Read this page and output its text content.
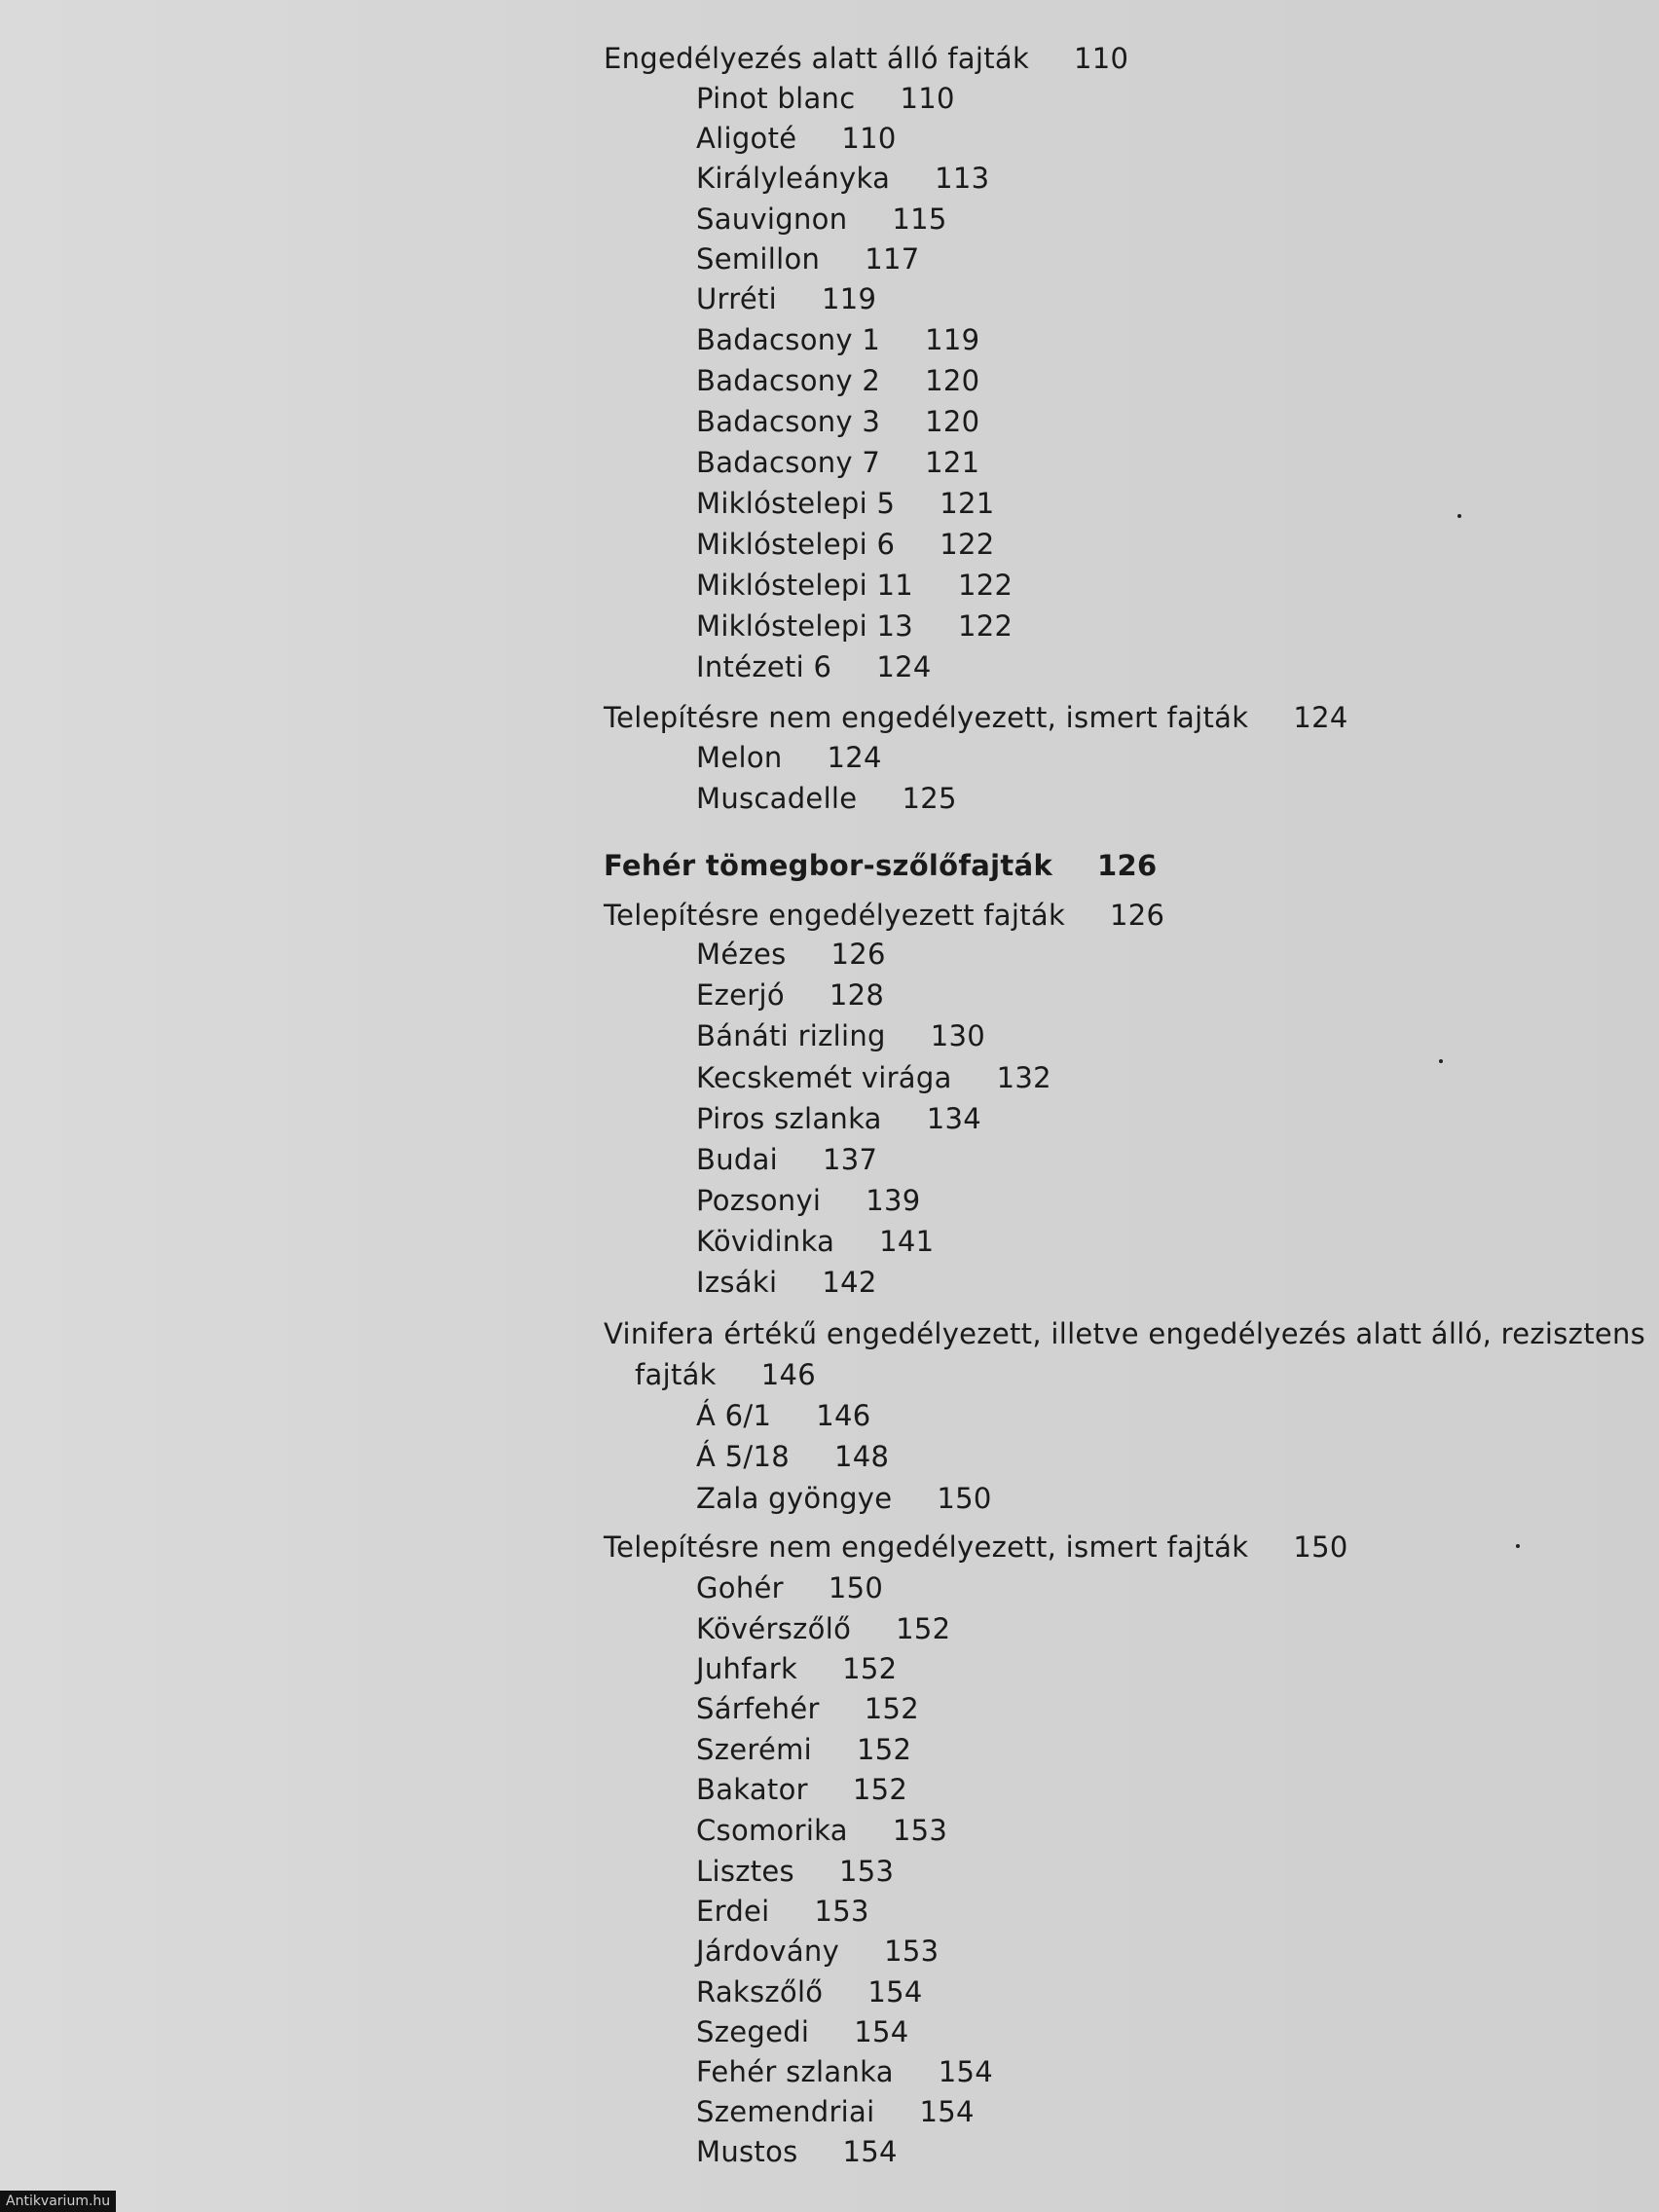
Engedélyezés alatt álló fajták 110
Pinot blanc 110
Aligoté 110
Királyleányka 113
Sauvignon 115
Semillon 117
Urréti 119
Badacsony 1 119
Badacsony 2 120
Badacsony 3 120
Badacsony 7 121
Miklóstelepi 5 121
Miklóstelepi 6 122
Miklóstelepi 11 122
Miklóstelepi 13 122
Intézeti 6 124
Telepítésre nem engedélyezett, ismert fajták 124
Melon 124
Muscadelle 125
Fehér tömegbor-szőlőfajták 126
Telepítésre engedélyezett fajták 126
Mézes 126
Ezerjó 128
Bánáti rizling 130
Kecskemét virága 132
Piros szlanka 134
Budai 137
Pozsonyi 139
Kövidinka 141
Izsáki 142
Vinifera értékű engedélyezett, illetve engedélyezés alatt álló, rezisztens
fajták 146
Á 6/1 146
Á 5/18 148
Zala gyöngye 150
Telepítésre nem engedélyezett, ismert fajták 150
Gohér 150
Kövérszőlő 152
Juhfark 152
Sárfehér 152
Szerémi 152
Bakator 152
Csomorika 153
Lisztes 153
Erdei 153
Járdovány 153
Rakszőlő 154
Szegedi 154
Fehér szlanka 154
Szemendriai 154
Mustos 154
Antikvarium.hu
